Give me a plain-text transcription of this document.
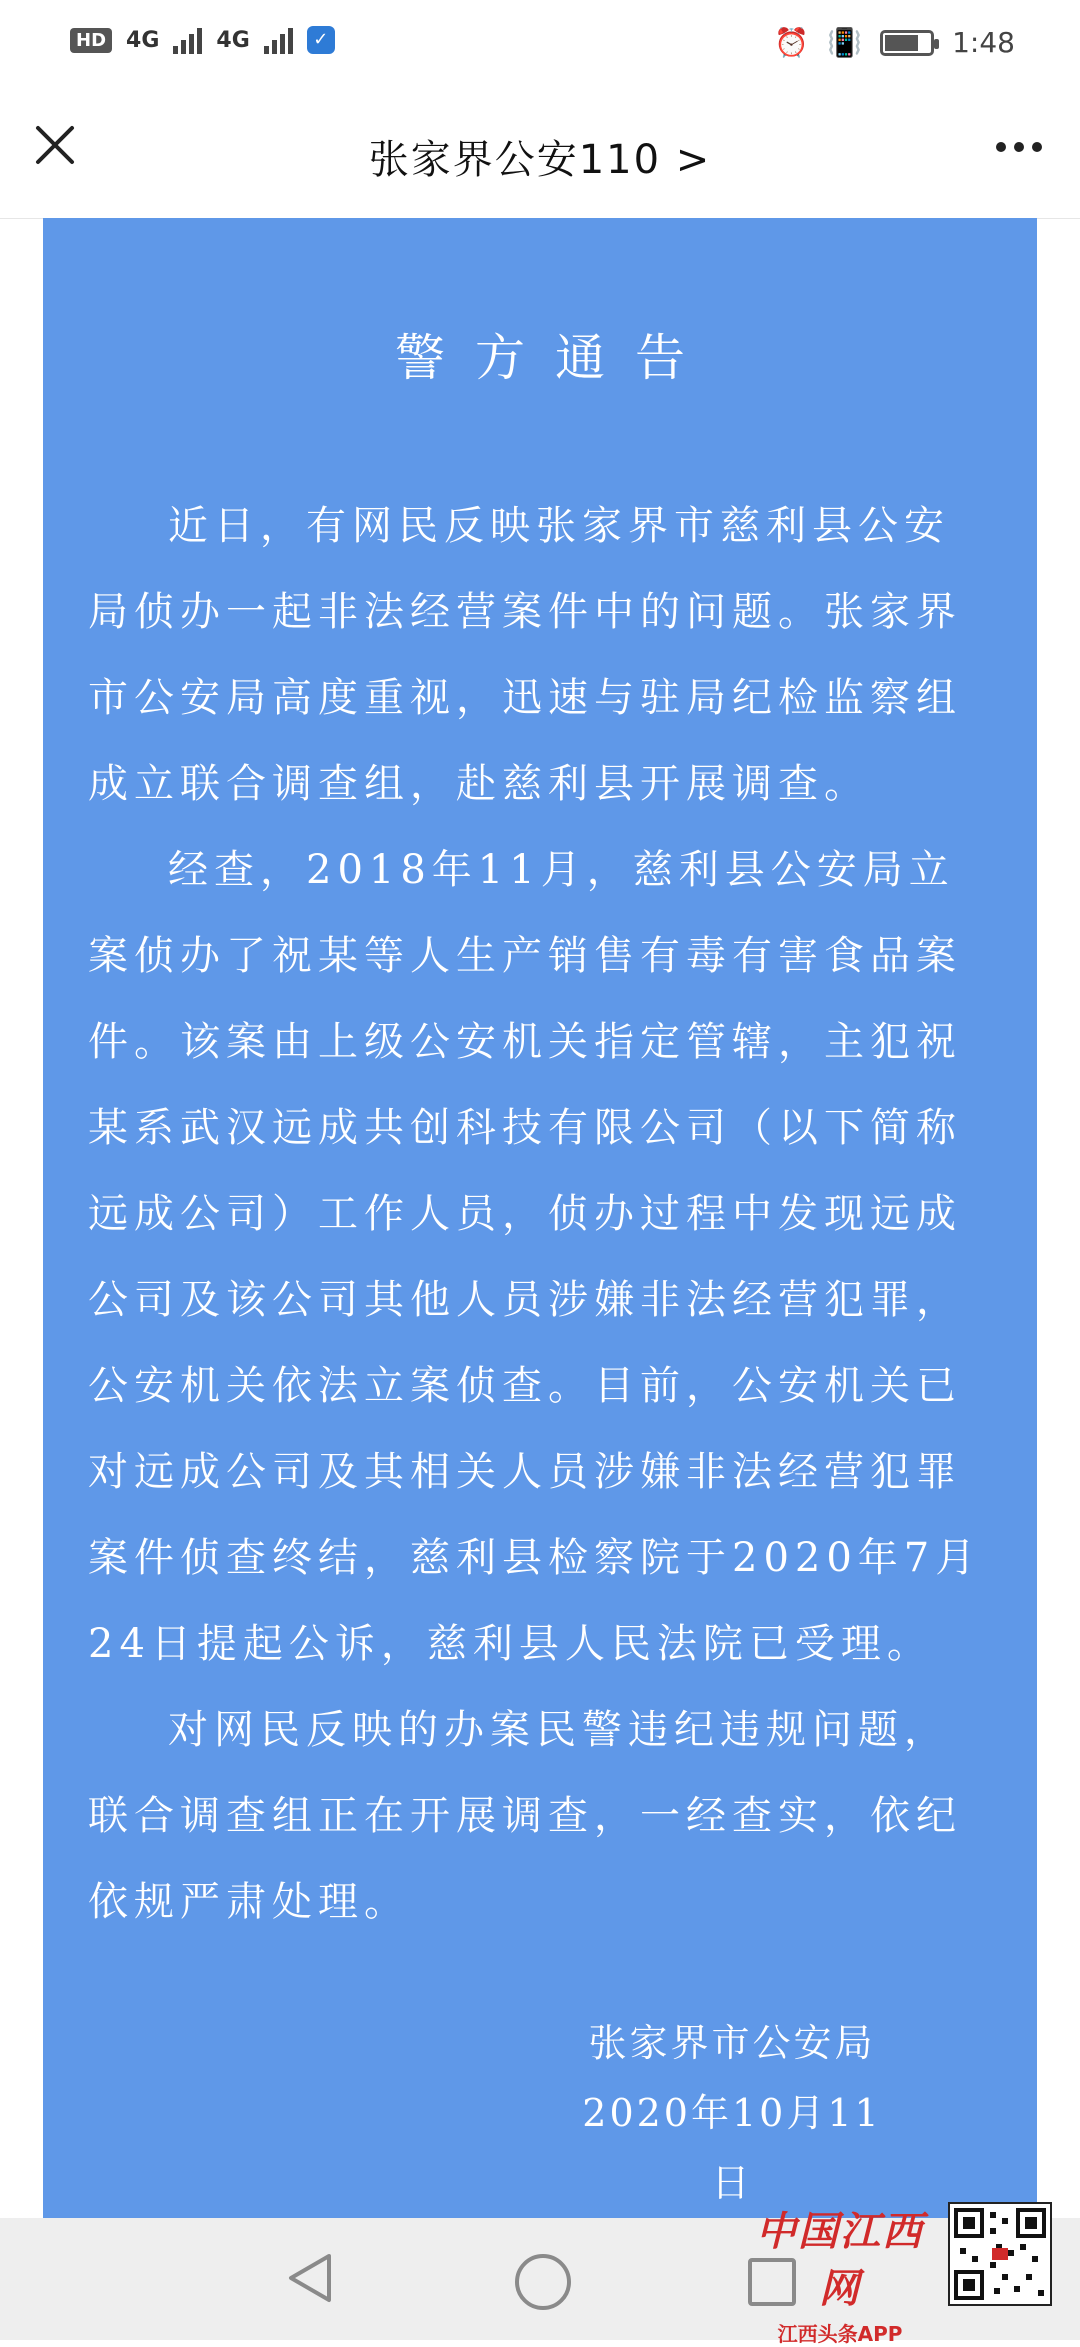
HD 4G	4G	✓	⏰ 📳	1:48
张家界公安110 >
警方通告

近日，有网民反映张家界市慈利县公安局侦办一起非法经营案件中的问题。张家界市公安局高度重视，迅速与驻局纪检监察组成立联合调查组，赴慈利县开展调查。

经查，2018年11月，慈利县公安局立案侦办了祝某等人生产销售有毒有害食品案件。该案由上级公安机关指定管辖，主犯祝某系武汉远成共创科技有限公司（以下简称远成公司）工作人员，侦办过程中发现远成公司及该公司其他人员涉嫌非法经营犯罪，公安机关依法立案侦查。目前，公安机关已对远成公司及其相关人员涉嫌非法经营犯罪案件侦查终结，慈利县检察院于2020年7月24日提起公诉，慈利县人民法院已受理。

对网民反映的办案民警违纪违规问题，联合调查组正在开展调查，一经查实，依纪依规严肃处理。

张家界市公安局
2020年10月11日
中国江西网
江西头条APP
